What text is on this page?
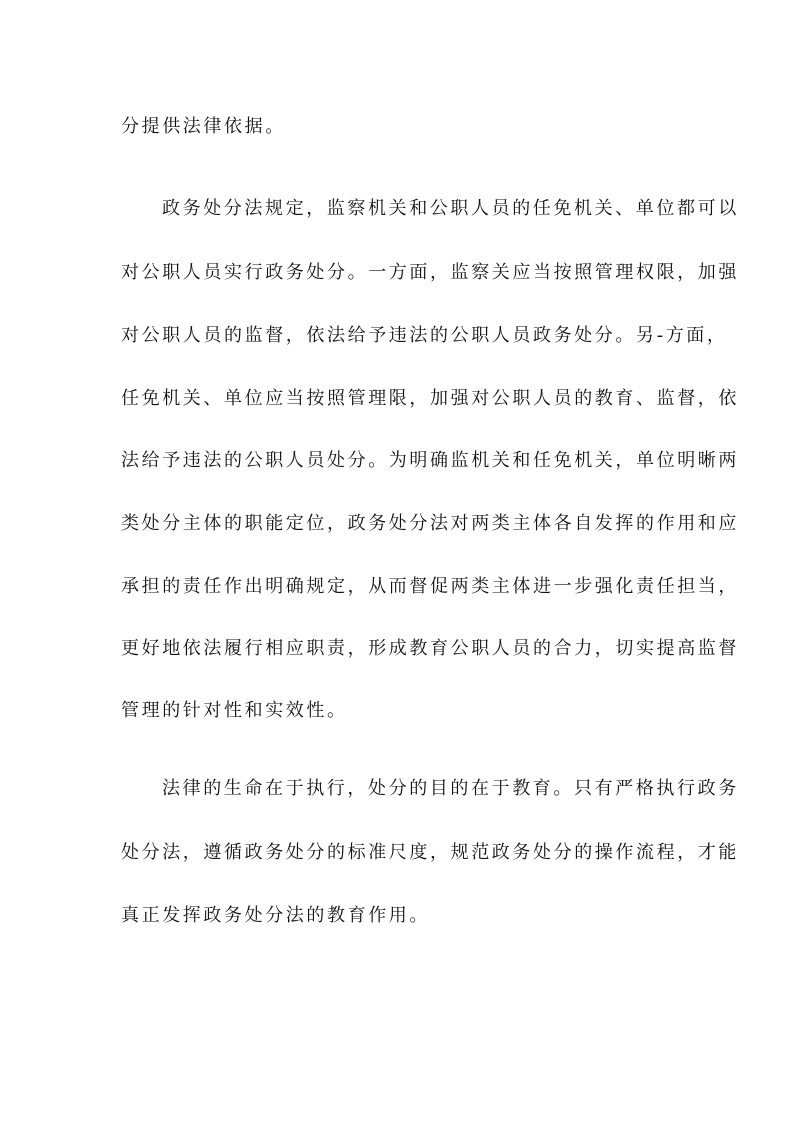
分提供法律依据。
政务处分法规定，监察机关和公职人员的任免机关、单位都可以
对公职人员实行政务处分。一方面，监察关应当按照管理权限，加强
对公职人员的监督，依法给予违法的公职人员政务处分。另-方面，
任免机关、单位应当按照管理限，加强对公职人员的教育、监督，依
法给予违法的公职人员处分。为明确监机关和任免机关，单位明晰两
类处分主体的职能定位，政务处分法对两类主体各自发挥的作用和应
承担的责任作出明确规定，从而督促两类主体进一步强化责任担当，
更好地依法履行相应职责，形成教育公职人员的合力，切实提高监督
管理的针对性和实效性。
法律的生命在于执行，处分的目的在于教育。只有严格执行政务
处分法，遵循政务处分的标准尺度，规范政务处分的操作流程，才能
真正发挥政务处分法的教育作用。
